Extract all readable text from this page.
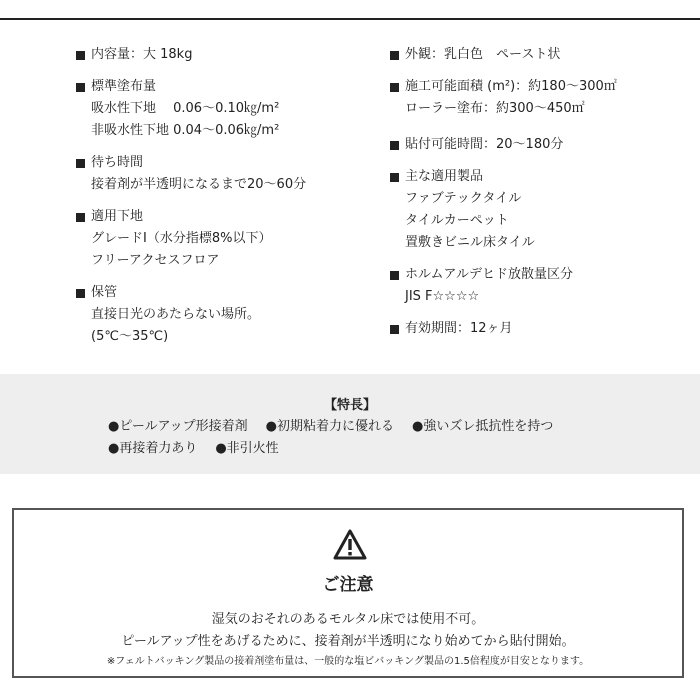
内容量：大 18kg
標準塗布量
吸水性下地　 0.06〜0.10㎏/m²
非吸水性下地 0.04〜0.06㎏/m²
待ち時間
接着剤が半透明になるまで20〜60分
適用下地
グレードⅠ（水分指標8%以下）
フリーアクセスフロア
保管
直接日光のあたらない場所。
(5℃〜35℃)
外観：乳白色　ペースト状
施工可能面積 (m²)：約180〜300㎡
ローラー塗布：約300〜450㎡
貼付可能時間：20〜180分
主な適用製品
ファブテックタイル
タイルカーペット
置敷きビニル床タイル
ホルムアルデヒド放散量区分
JIS F☆☆☆☆
有効期間：12ヶ月
【特長】
●ピールアップ形接着剤 ●初期粘着力に優れる ●強いズレ抵抗性を持つ
●再接着力あり ●非引火性
ご注意
湿気のおそれのあるモルタル床では使用不可。
ピールアップ性をあげるために、接着剤が半透明になり始めてから貼付開始。
※フェルトバッキング製品の接着剤塗布量は、一般的な塩ビバッキング製品の1.5倍程度が目安となります。
